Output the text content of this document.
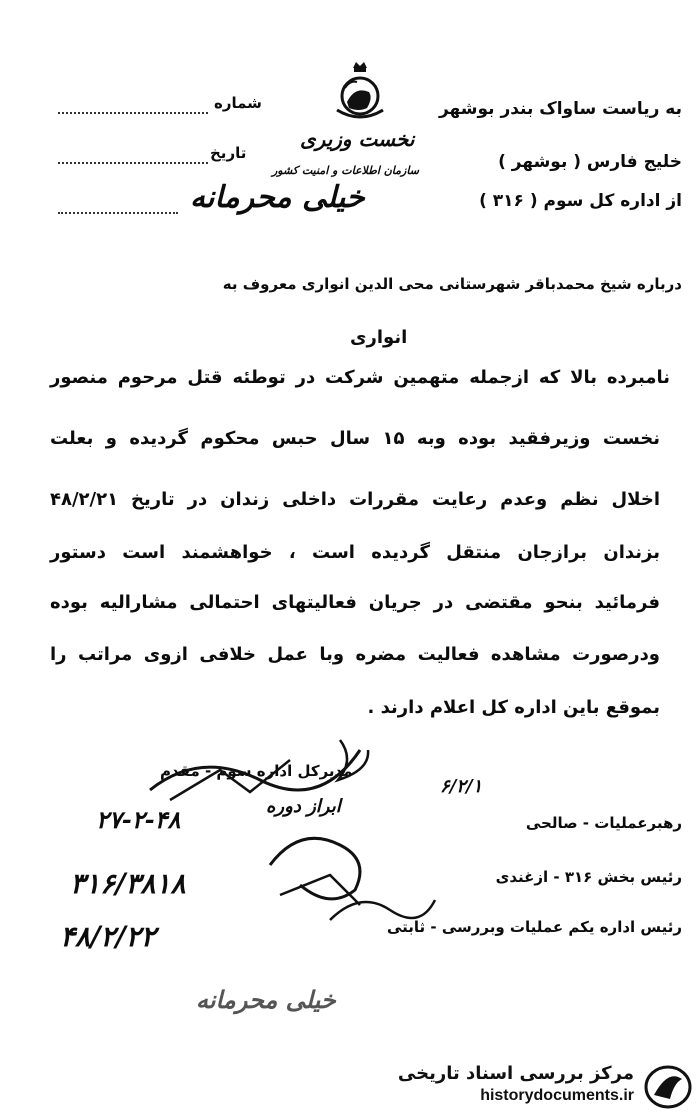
نخست وزیری
سازمان اطلاعات و امنیت کشور
شماره
تاریخ
به ریاست ساواک بندر بوشهر
خلیج فارس ( بوشهر )
از اداره کل سوم ( ۳۱۶ )
خیلی محرمانه
درباره شیخ محمدباقر شهرستانی محی الدین انواری معروف به
انواری
نامبرده بالا که ازجمله متهمین شرکت در توطئه قتل مرحوم منصور
نخست وزیرفقید بوده وبه ۱۵ سال حبس محکوم گردیده و بعلت
اخلال نظم وعدم رعایت مقررات داخلی زندان در تاریخ ۴۸/۲/۲۱
بزندان برازجان منتقل گردیده است ، خواهشمند است دستور
فرمائید بنحو مقتضی در جریان فعالیتهای احتمالی مشارالیه بوده
ودرصورت مشاهده فعالیت مضره وبا عمل خلافی ازوی مراتب را
بموقع باین اداره کل اعلام دارند .
مدیرکل اداره سوم - مقدم
۶/۲/۱
ابراز دوره
رهبرعملیات - صالحی
۲۷-۲-۴۸
رئیس بخش ۳۱۶ - ازغندی
۳۱۶/۳۸۱۸
رئیس اداره یکم عملیات وبررسی - ثابتی
۴۸/۲/۲۲
خیلی محرمانه
مرکز بررسی اسناد تاریخی
historydocuments.ir
